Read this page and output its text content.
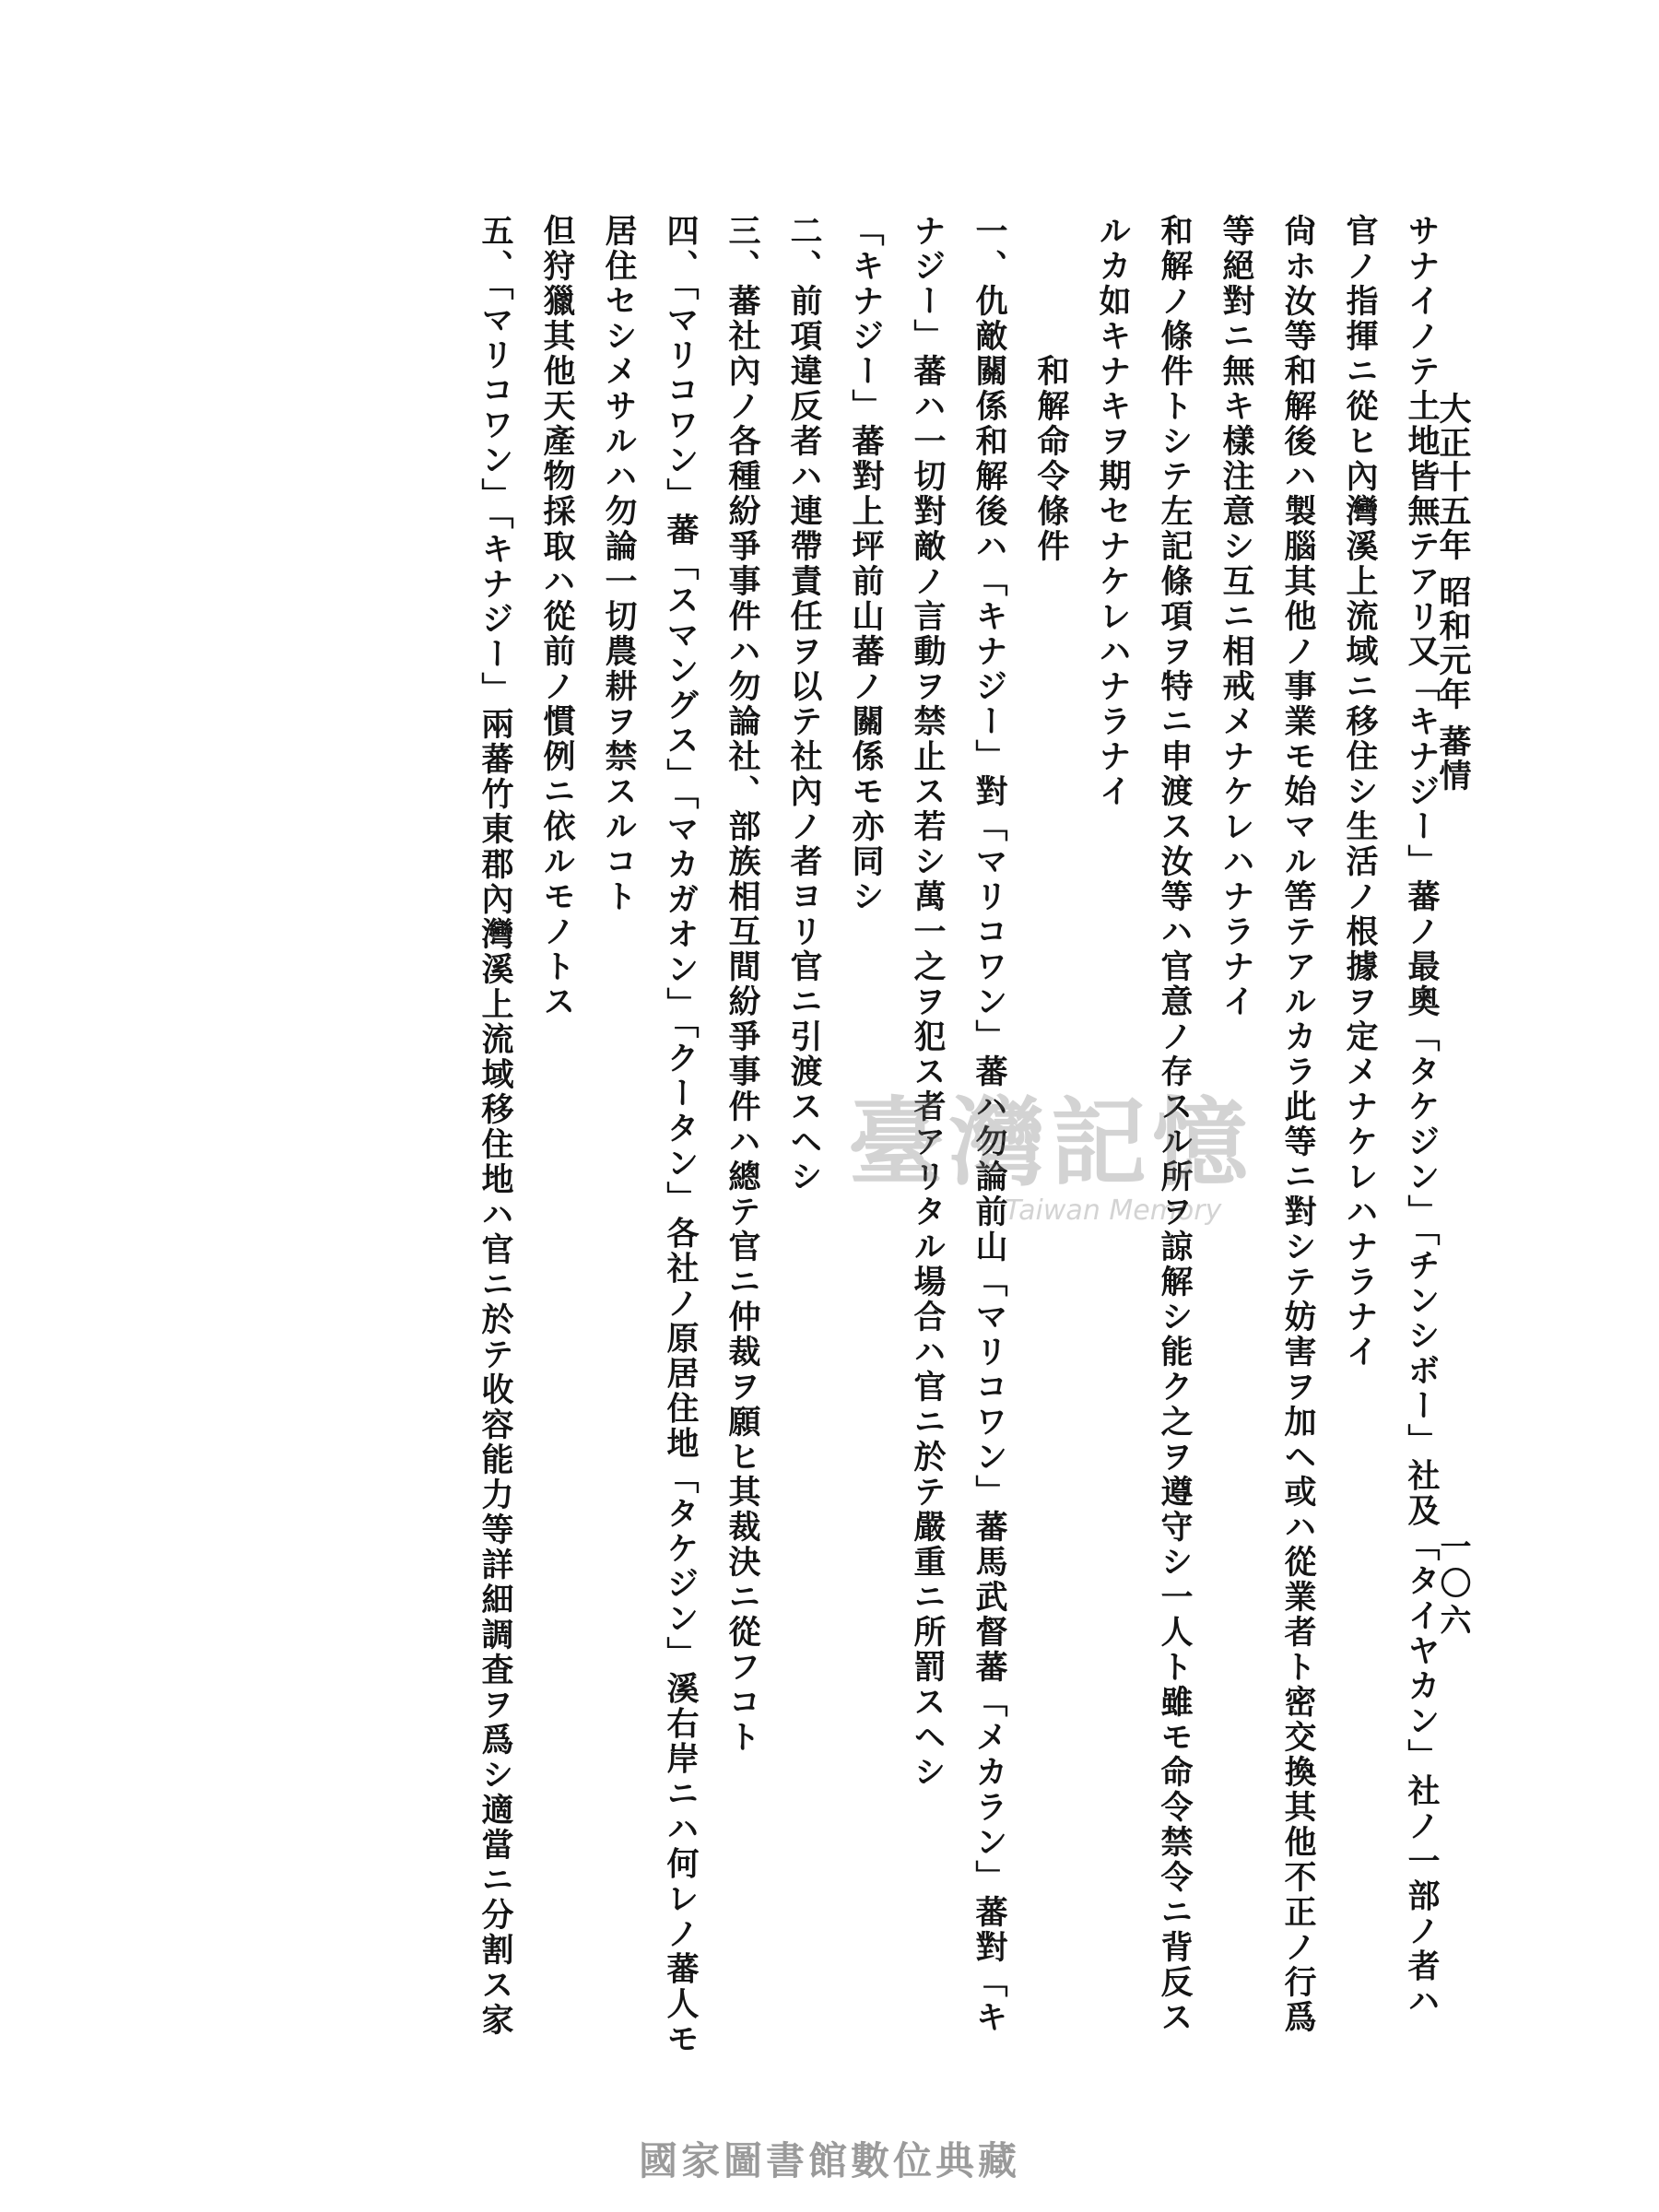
大正十五年 昭和元年 蕃情
一〇六
サナイノテ土地皆無テアリ又「キナジー」蕃ノ最奧「タケジン」「チンシボー」社及「タイヤカン」社ノ一部ノ者ハ
官ノ指揮ニ從ヒ內灣溪上流域ニ移住シ生活ノ根據ヲ定メナケレハナラナイ
尙ホ汝等和解後ハ製腦其他ノ事業モ始マル筈テアルカラ此等ニ對シテ妨害ヲ加ヘ或ハ從業者ト密交換其他不正ノ行爲
等絕對ニ無キ樣注意シ互ニ相戒メナケレハナラナイ
和解ノ條件トシテ左記條項ヲ特ニ申渡ス汝等ハ官意ノ存スル所ヲ諒解シ能ク之ヲ遵守シ一人ト雖モ命令禁令ニ背反ス
ルカ如キナキヲ期セナケレハナラナイ
和解命令條件
一、仇敵關係和解後ハ「キナジー」對「マリコワン」蕃ハ勿論前山「マリコワン」蕃馬武督蕃「メカラン」蕃對「キ
ナジー」蕃ハ一切對敵ノ言動ヲ禁止ス若シ萬一之ヲ犯ス者アリタル場合ハ官ニ於テ嚴重ニ所罰スヘシ
「キナジー」蕃對上坪前山蕃ノ關係モ亦同シ
二、前項違反者ハ連帶責任ヲ以テ社內ノ者ヨリ官ニ引渡スヘシ
三、蕃社內ノ各種紛爭事件ハ勿論社、部族相互間紛爭事件ハ總テ官ニ仲裁ヲ願ヒ其裁決ニ從フコト
四、「マリコワン」蕃「スマングス」「マカガオン」「クータン」各社ノ原居住地「タケジン」溪右岸ニハ何レノ蕃人モ
居住セシメサルハ勿論一切農耕ヲ禁スルコト
但狩獵其他天產物採取ハ從前ノ慣例ニ依ルモノトス
五、「マリコワン」「キナジー」兩蕃竹東郡內灣溪上流域移住地ハ官ニ於テ收容能力等詳細調査ヲ爲シ適當ニ分割ス家	臺灣記憶
Taiwan Memory
國家圖書館數位典藏
